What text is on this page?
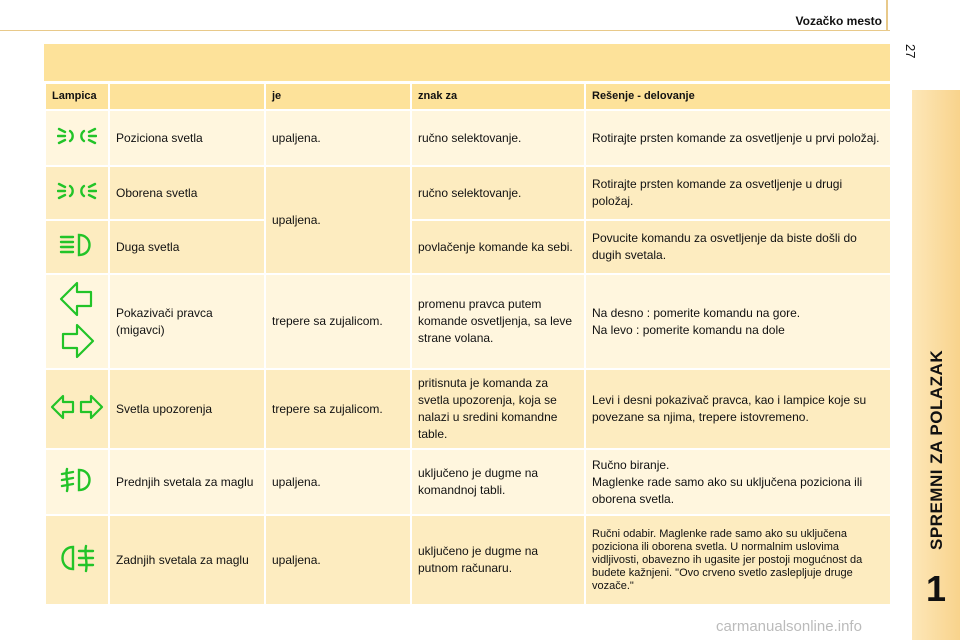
Vozačko mesto
27
SPREMNI ZA POLAZAK
1
Lampica		je	znak za	Rešenje - delovanje

	Poziciona svetla	upaljena.	ručno selektovanje.	Rotirajte prsten komande za osvetljenje u prvi položaj.

	Oborena svetla	upaljena.	ručno selektovanje.	Rotirajte prsten komande za osvetljenje u drugi položaj.

	Duga svetla		povlačenje komande ka sebi.	Povucite komandu za osvetljenje da biste došli do dugih svetala.

	Pokazivači pravca (migavci)	trepere sa zujalicom.	promenu pravca putem komande osvetljenja, sa leve strane volana.	Na desno : pomerite komandu na gore.
Na levo : pomerite komandu na dole

	Svetla upozorenja	trepere sa zujalicom.	pritisnuta je komanda za svetla upozorenja, koja se nalazi u sredini komandne table.	Levi i desni pokazivač pravca, kao i lampice koje su povezane sa njima, trepere istovremeno.

	Prednjih svetala za maglu	upaljena.	uključeno je dugme na komandnoj tabli.	Ručno biranje.
Maglenke rade samo ako su uključena poziciona ili oborena svetla.

	Zadnjih svetala za maglu	upaljena.	uključeno je dugme na putnom računaru.	Ručni odabir. Maglenke rade samo ako su uključena poziciona ili oborena svetla. U normalnim uslovima vidljivosti, obavezno ih ugasite jer postoji mogućnost da budete kažnjeni. "Ovo crveno svetlo zaslepljuje druge vozače."
carmanualsonline.info
